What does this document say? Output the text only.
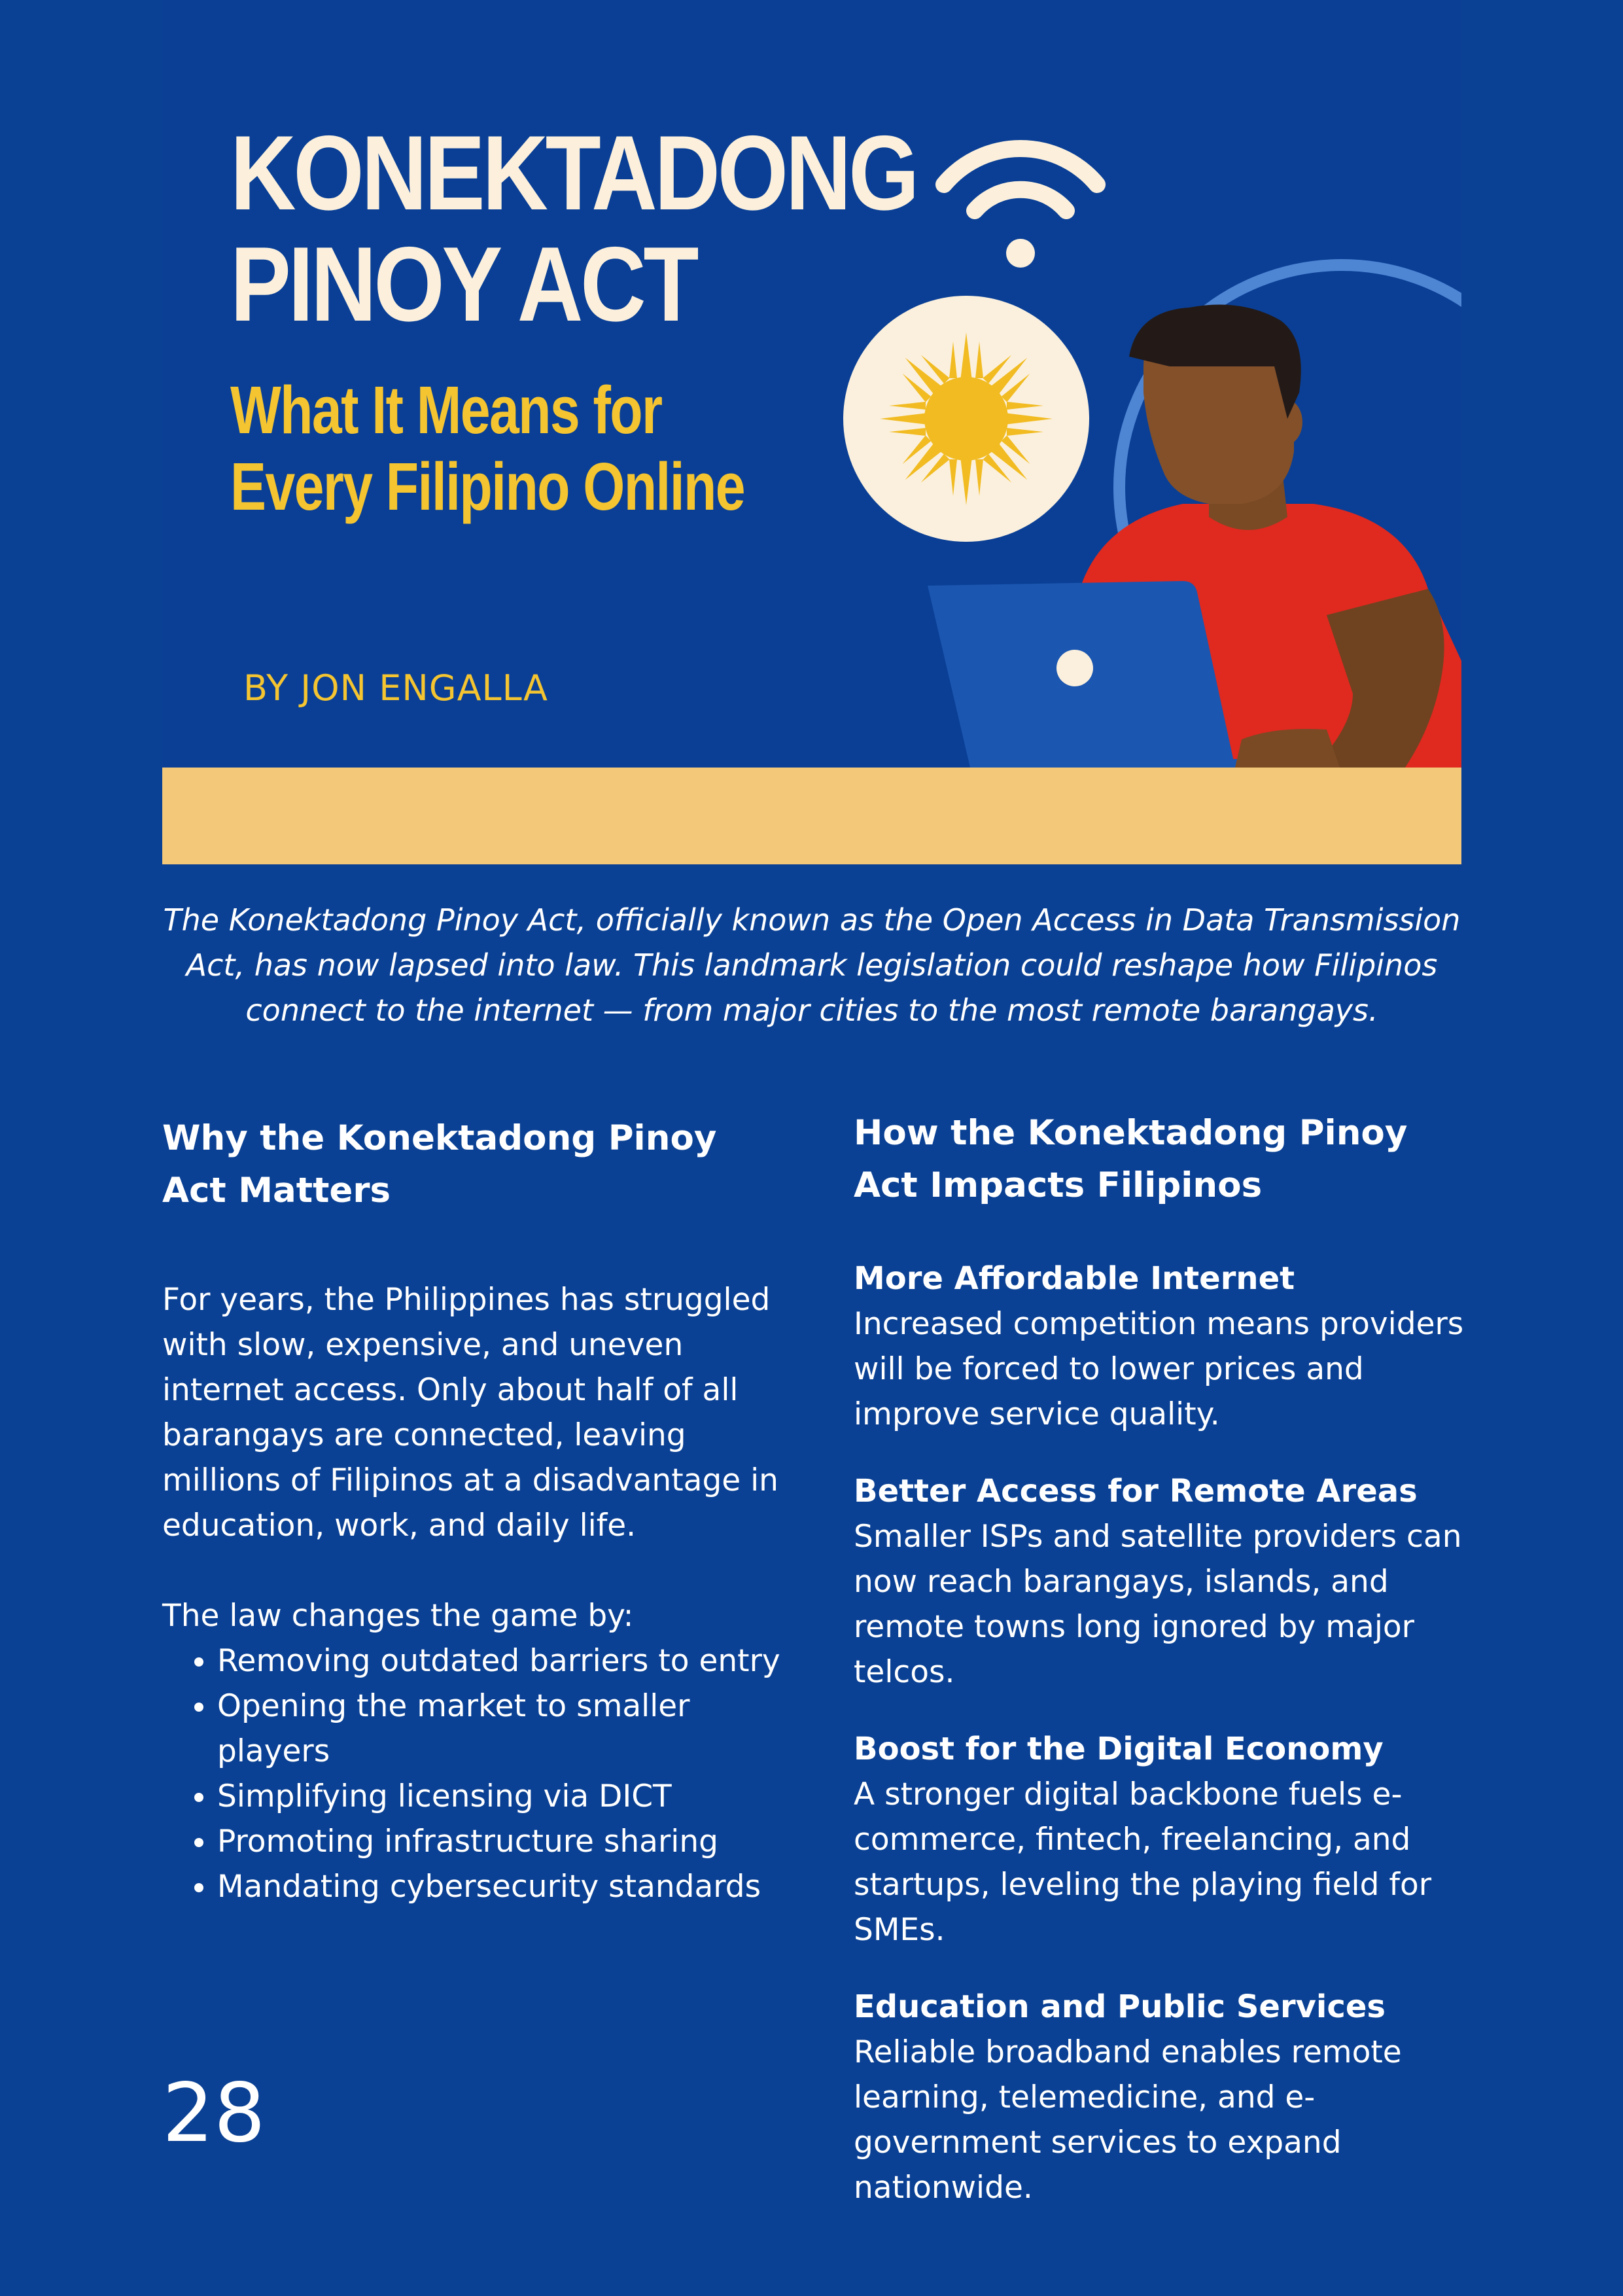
KONEKTADONG
PINOY ACT
What It Means for
Every Filipino Online
BY JON ENGALLA

The Konektadong Pinoy Act, officially known as the Open Access in Data Transmission Act, has now lapsed into law. This landmark legislation could reshape how Filipinos connect to the internet — from major cities to the most remote barangays.

Why the Konektadong Pinoy Act Matters

For years, the Philippines has struggled with slow, expensive, and uneven internet access. Only about half of all barangays are connected, leaving millions of Filipinos at a disadvantage in education, work, and daily life.

The law changes the game by:

• Removing outdated barriers to entry
• Opening the market to smaller players
• Simplifying licensing via DICT
• Promoting infrastructure sharing
• Mandating cybersecurity standards
How the Konektadong Pinoy Act Impacts Filipinos

More Affordable Internet

Increased competition means providers will be forced to lower prices and improve service quality.

Better Access for Remote Areas

Smaller ISPs and satellite providers can now reach barangays, islands, and remote towns long ignored by major telcos.

Boost for the Digital Economy

A stronger digital backbone fuels e-commerce, fintech, freelancing, and startups, leveling the playing field for SMEs.

Education and Public Services

Reliable broadband enables remote learning, telemedicine, and e-government services to expand nationwide.

28
